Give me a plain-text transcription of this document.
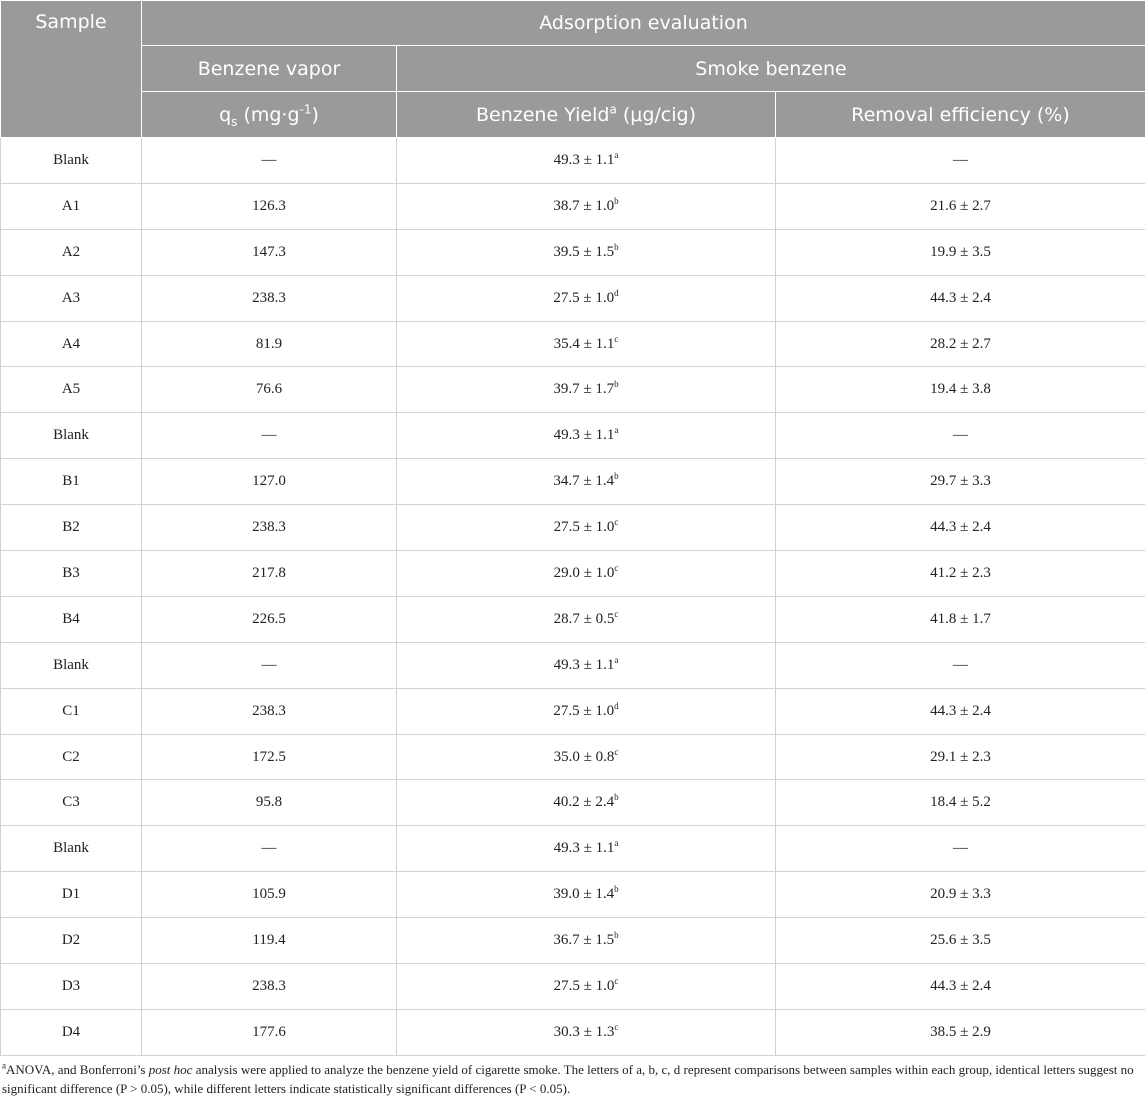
Sample	Adsorption evaluation		
	Benzene vapor	Smoke benzene	
	$q_s$ $(mg\cdot g^{-1})$	Benzene Yield$^a$ (μg/cig)	Removal efficiency (%)
Blank	—	49.3 ± 1.1$^a$	—
A1	126.3	38.7 ± 1.0$^b$	21.6 ± 2.7
A2	147.3	39.5 ± 1.5$^b$	19.9 ± 3.5
A3	238.3	27.5 ± 1.0$^d$	44.3 ± 2.4
A4	81.9	35.4 ± 1.1$^c$	28.2 ± 2.7
A5	76.6	39.7 ± 1.7$^b$	19.4 ± 3.8
Blank	—	49.3 ± 1.1$^a$	—
B1	127.0	34.7 ± 1.4$^b$	29.7 ± 3.3
B2	238.3	27.5 ± 1.0$^c$	44.3 ± 2.4
B3	217.8	29.0 ± 1.0$^c$	41.2 ± 2.3
B4	226.5	28.7 ± 0.5$^c$	41.8 ± 1.7
Blank	—	49.3 ± 1.1$^a$	—
C1	238.3	27.5 ± 1.0$^d$	44.3 ± 2.4
C2	172.5	35.0 ± 0.8$^c$	29.1 ± 2.3
C3	95.8	40.2 ± 2.4$^b$	18.4 ± 5.2
Blank	—	49.3 ± 1.1$^a$	—
D1	105.9	39.0 ± 1.4$^b$	20.9 ± 3.3
D2	119.4	36.7 ± 1.5$^b$	25.6 ± 3.5
D3	238.3	27.5 ± 1.0$^c$	44.3 ± 2.4
D4	177.6	30.3 ± 1.3$^c$	38.5 ± 2.9
$^a$ANOVA, and Bonferroni’s post hoc analysis were applied to analyze the benzene yield of cigarette smoke. The letters of a, b, c, d represent comparisons between samples within each group, identical letters suggest no significant difference (P > 0.05), while different letters indicate statistically significant differences (P < 0.05).
